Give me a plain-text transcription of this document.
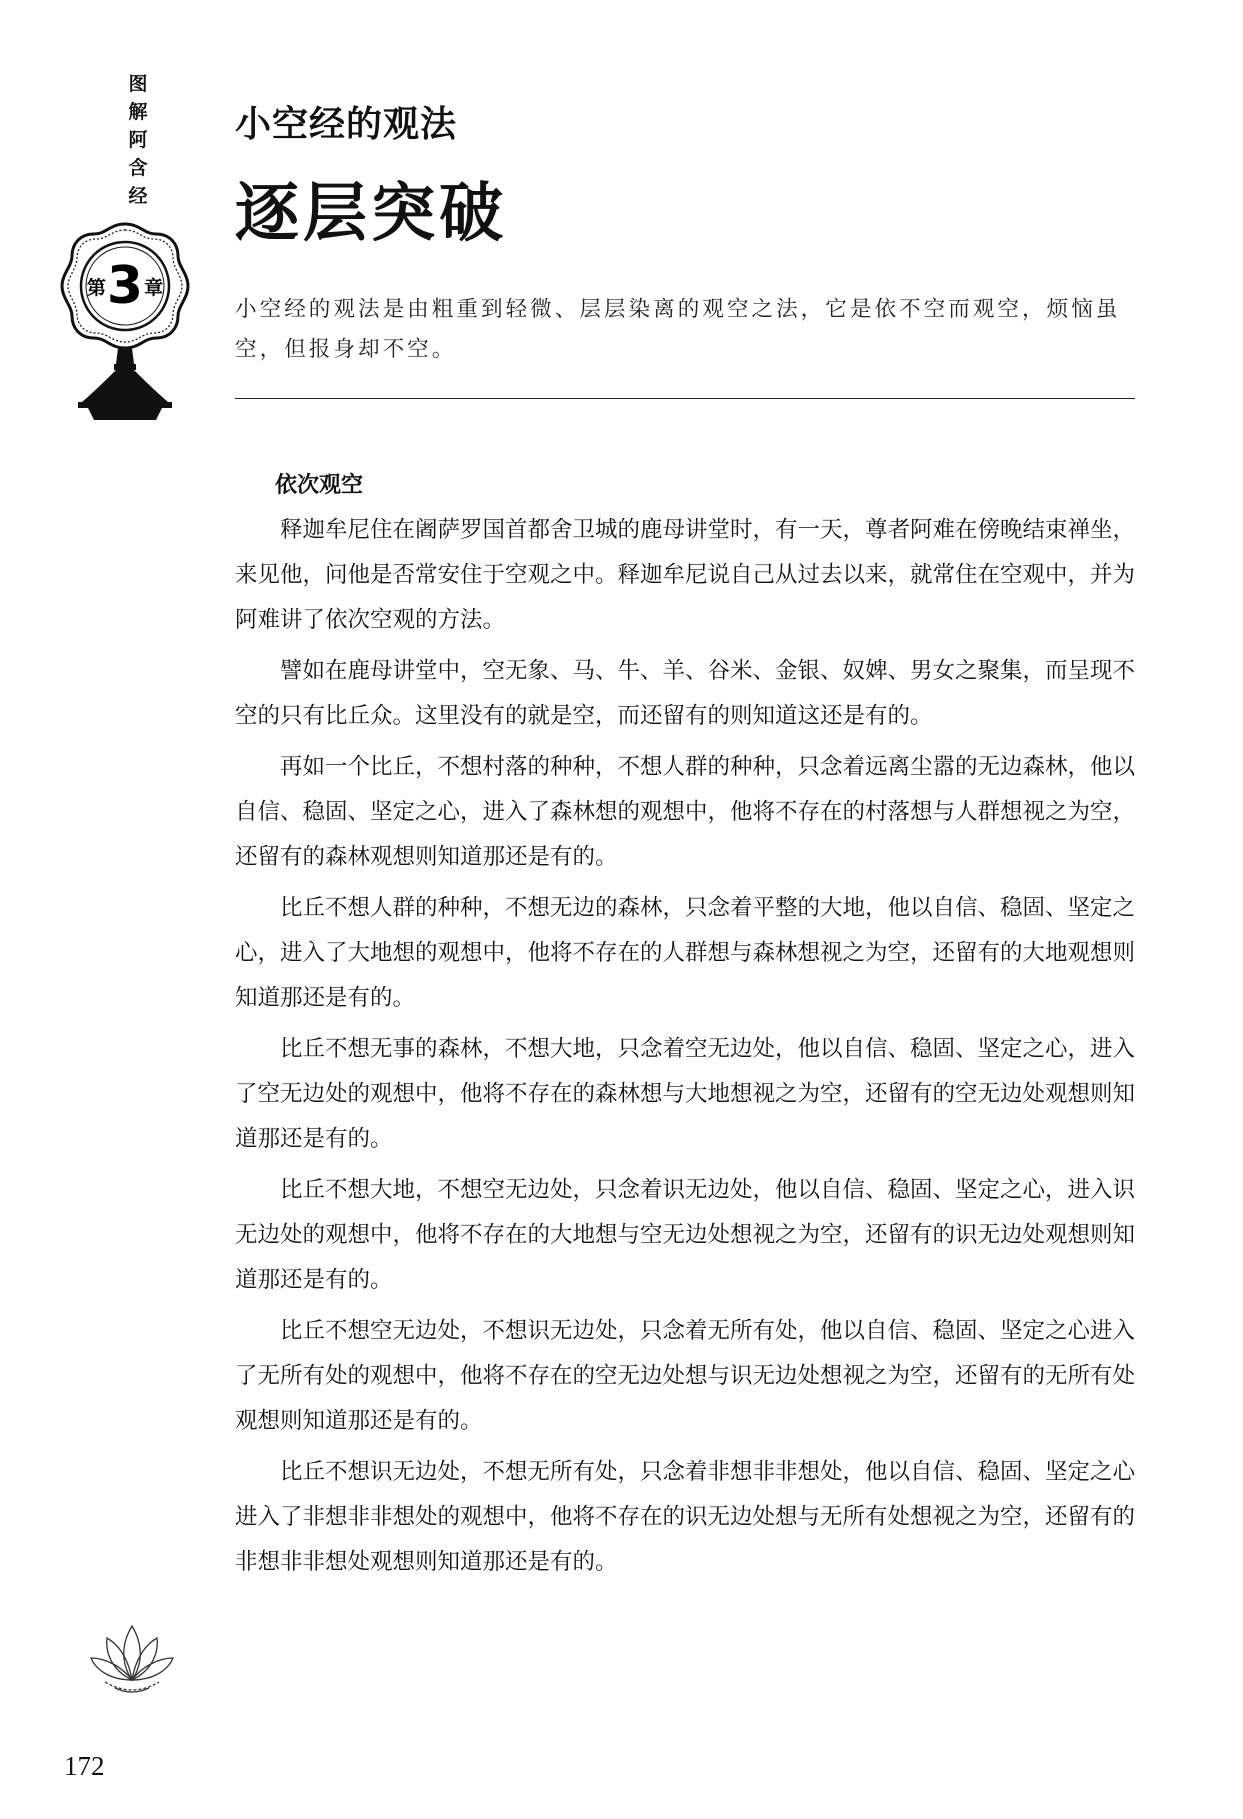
图
解
阿
含
经
第 3 章
小空经的观法
逐层突破

小空经的观法是由粗重到轻微、层层染离的观空之法，它是依不空而观空，烦恼虽空，但报身却不空。

依次观空

释迦牟尼住在阇萨罗国首都舍卫城的鹿母讲堂时，有一天，尊者阿难在傍晚结束禅坐，来见他，问他是否常安住于空观之中。释迦牟尼说自己从过去以来，就常住在空观中，并为阿难讲了依次空观的方法。

譬如在鹿母讲堂中，空无象、马、牛、羊、谷米、金银、奴婢、男女之聚集，而呈现不空的只有比丘众。这里没有的就是空，而还留有的则知道这还是有的。

再如一个比丘，不想村落的种种，不想人群的种种，只念着远离尘嚣的无边森林，他以自信、稳固、坚定之心，进入了森林想的观想中，他将不存在的村落想与人群想视之为空，还留有的森林观想则知道那还是有的。

比丘不想人群的种种，不想无边的森林，只念着平整的大地，他以自信、稳固、坚定之心，进入了大地想的观想中，他将不存在的人群想与森林想视之为空，还留有的大地观想则知道那还是有的。

比丘不想无事的森林，不想大地，只念着空无边处，他以自信、稳固、坚定之心，进入了空无边处的观想中，他将不存在的森林想与大地想视之为空，还留有的空无边处观想则知道那还是有的。

比丘不想大地，不想空无边处，只念着识无边处，他以自信、稳固、坚定之心，进入识无边处的观想中，他将不存在的大地想与空无边处想视之为空，还留有的识无边处观想则知道那还是有的。

比丘不想空无边处，不想识无边处，只念着无所有处，他以自信、稳固、坚定之心进入了无所有处的观想中，他将不存在的空无边处想与识无边处想视之为空，还留有的无所有处观想则知道那还是有的。

比丘不想识无边处，不想无所有处，只念着非想非非想处，他以自信、稳固、坚定之心进入了非想非非想处的观想中，他将不存在的识无边处想与无所有处想视之为空，还留有的非想非非想处观想则知道那还是有的。

172
